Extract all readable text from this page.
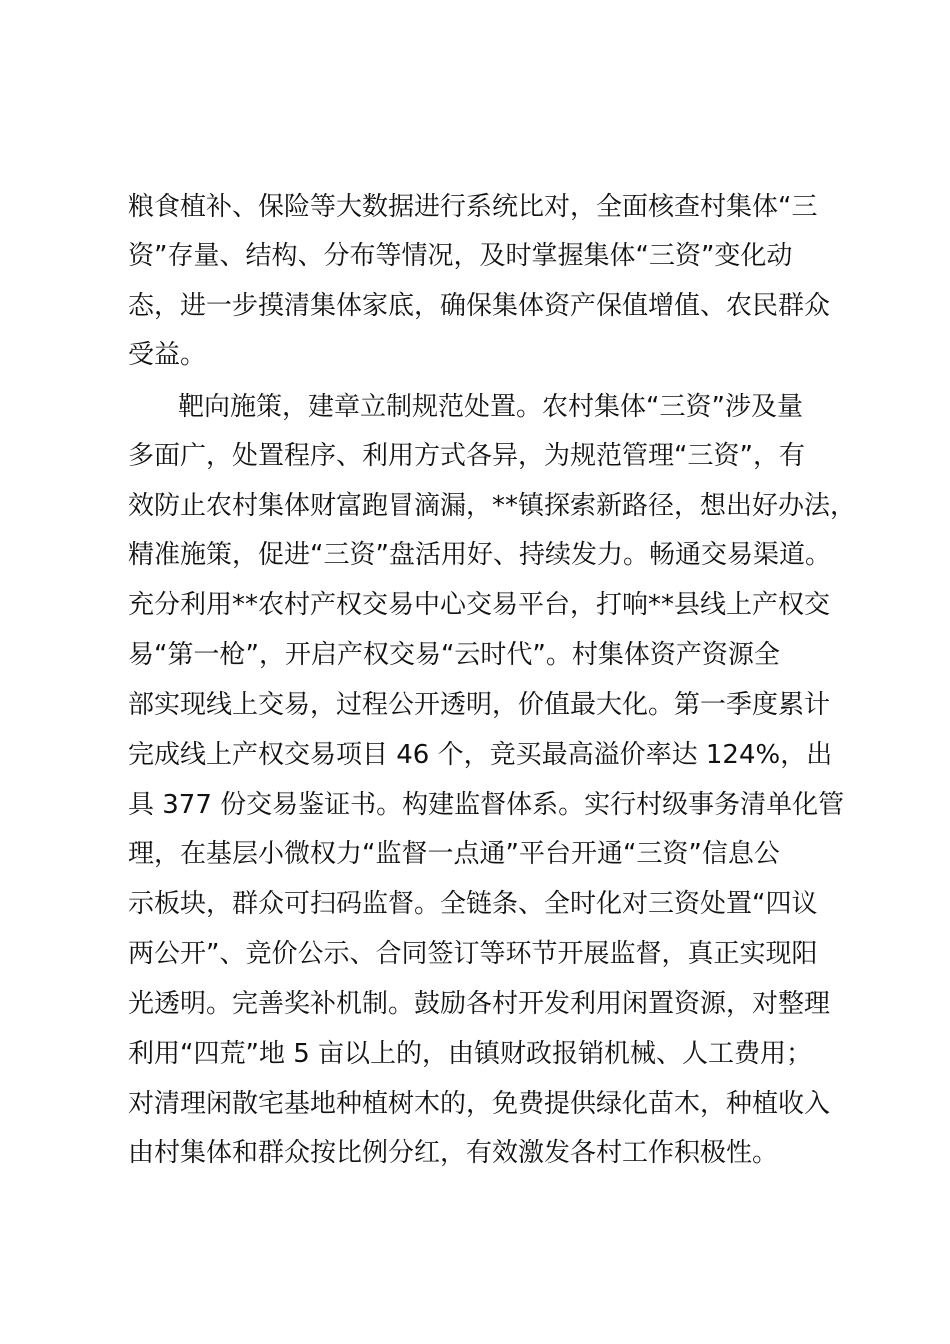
粮食植补、保险等大数据进行系统比对，全面核查村集体“三
资”存量、结构、分布等情况，及时掌握集体“三资”变化动
态，进一步摸清集体家底，确保集体资产保值增值、农民群众
受益。
靶向施策，建章立制规范处置。农村集体“三资”涉及量
多面广，处置程序、利用方式各异，为规范管理“三资”，有
效防止农村集体财富跑冒滴漏，**镇探索新路径，想出好办法，
精准施策，促进“三资”盘活用好、持续发力。畅通交易渠道。
充分利用**农村产权交易中心交易平台，打响**县线上产权交
易“第一枪”，开启产权交易“云时代”。村集体资产资源全
部实现线上交易，过程公开透明，价值最大化。第一季度累计
完成线上产权交易项目 46 个，竞买最高溢价率达 124%，出
具 377 份交易鉴证书。构建监督体系。实行村级事务清单化管
理，在基层小微权力“监督一点通”平台开通“三资”信息公
示板块，群众可扫码监督。全链条、全时化对三资处置“四议
两公开”、竞价公示、合同签订等环节开展监督，真正实现阳
光透明。完善奖补机制。鼓励各村开发利用闲置资源，对整理
利用“四荒”地 5 亩以上的，由镇财政报销机械、人工费用；
对清理闲散宅基地种植树木的，免费提供绿化苗木，种植收入
由村集体和群众按比例分红，有效激发各村工作积极性。
